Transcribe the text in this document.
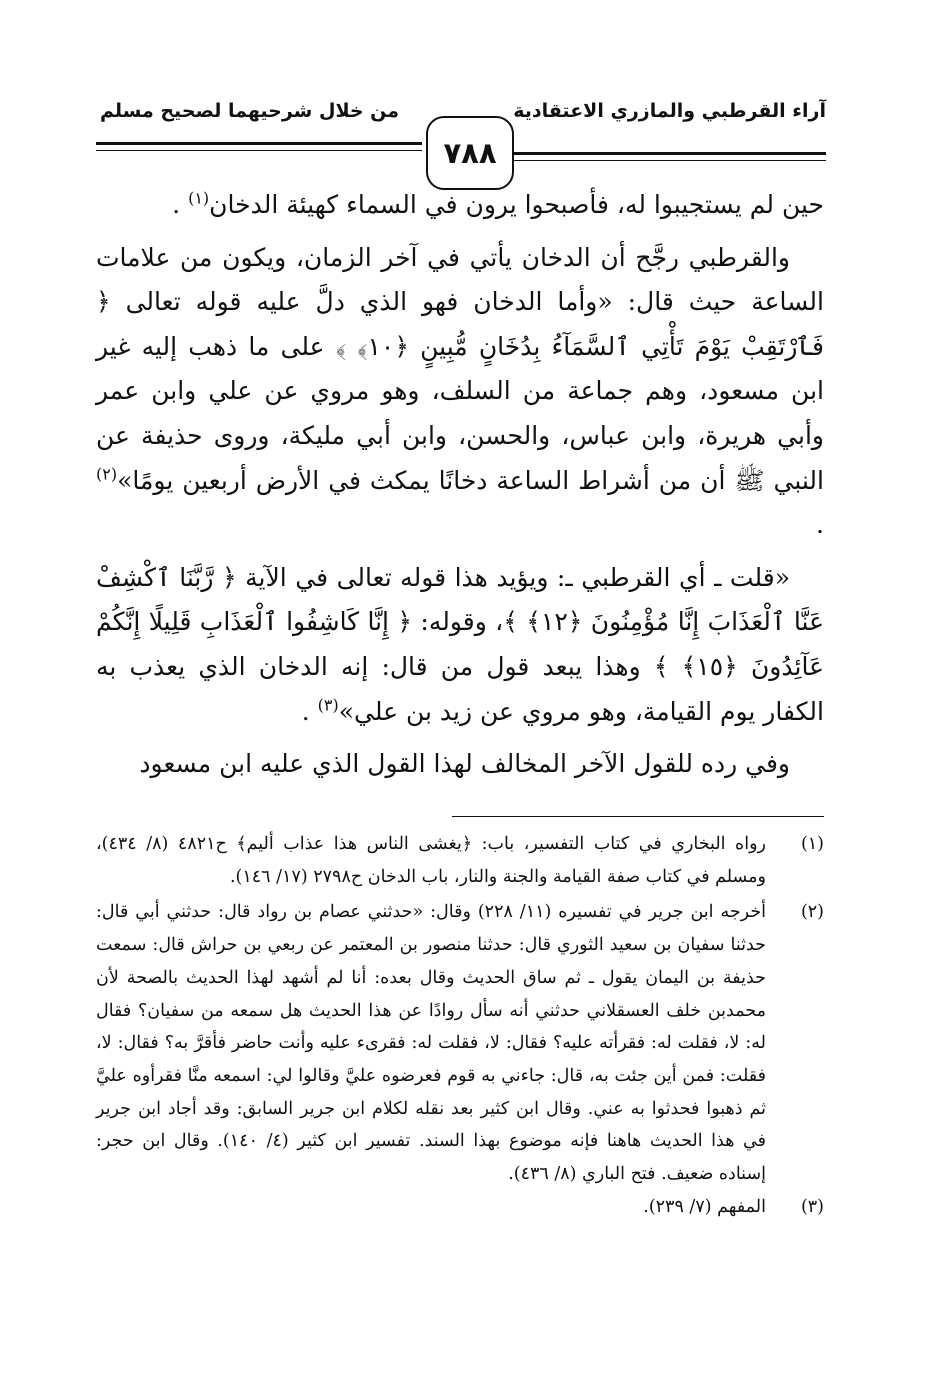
آراء القرطبي والمازري الاعتقادية
من خلال شرحيهما لصحيح مسلم
٧٨٨

حين لم يستجيبوا له، فأصبحوا يرون في السماء كهيئة الدخان$^{(١)}$ .

والقرطبي رجَّح أن الدخان يأتي في آخر الزمان، ويكون من علامات الساعة حيث قال: «وأما الدخان فهو الذي دلَّ عليه قوله تعالى ﴿ فَٱرْتَقِبْ يَوْمَ تَأْتِي ٱلسَّمَآءُ بِدُخَانٍ مُّبِينٍ ﴿١٠﴾ ﴾ على ما ذهب إليه غير ابن مسعود، وهم جماعة من السلف، وهو مروي عن علي وابن عمر وأبي هريرة، وابن عباس، والحسن، وابن أبي مليكة، وروى حذيفة عن النبي ﷺ أن من أشراط الساعة دخانًا يمكث في الأرض أربعين يومًا»$^{(٢)}$ .

«قلت ـ أي القرطبي ـ: ويؤيد هذا قوله تعالى في الآية ﴿ رَّبَّنَا ٱكْشِفْ عَنَّا ٱلْعَذَابَ إِنَّا مُؤْمِنُونَ ﴿١٢﴾ ﴾، وقوله: ﴿ إِنَّا كَاشِفُوا ٱلْعَذَابِ قَلِيلًا إِنَّكُمْ عَآئِدُونَ ﴿١٥﴾ ﴾ وهذا يبعد قول من قال: إنه الدخان الذي يعذب به الكفار يوم القيامة، وهو مروي عن زيد بن علي»$^{(٣)}$ .

وفي رده للقول الآخر المخالف لهذا القول الذي عليه ابن مسعود

(١)
رواه البخاري في كتاب التفسير، باب: ﴿يغشى الناس هذا عذاب أليم﴾ ح٤٨٢١ (٨/ ٤٣٤)، ومسلم في كتاب صفة القيامة والجنة والنار، باب الدخان ح٢٧٩٨ (١٧/ ١٤٦).
(٢)
أخرجه ابن جرير في تفسيره (١١/ ٢٢٨) وقال: «حدثني عصام بن رواد قال: حدثني أبي قال: حدثنا سفيان بن سعيد الثوري قال: حدثنا منصور بن المعتمر عن ربعي بن حراش قال: سمعت حذيفة بن اليمان يقول ـ ثم ساق الحديث وقال بعده: أنا لم أشهد لهذا الحديث بالصحة لأن محمدبن خلف العسقلاني حدثني أنه سأل روادًا عن هذا الحديث هل سمعه من سفيان؟ فقال له: لا، فقلت له: فقرأته عليه؟ فقال: لا، فقلت له: فقرىء عليه وأنت حاضر فأقرَّ به؟ فقال: لا، فقلت: فمن أين جئت به، قال: جاءني به قوم فعرضوه عليَّ وقالوا لي: اسمعه منَّا فقرأوه عليَّ ثم ذهبوا فحدثوا به عني. وقال ابن كثير بعد نقله لكلام ابن جرير السابق: وقد أجاد ابن جرير في هذا الحديث هاهنا فإنه موضوع بهذا السند. تفسير ابن كثير (٤/ ١٤٠). وقال ابن حجر: إسناده ضعيف. فتح الباري (٨/ ٤٣٦).
(٣)
المفهم (٧/ ٢٣٩).
